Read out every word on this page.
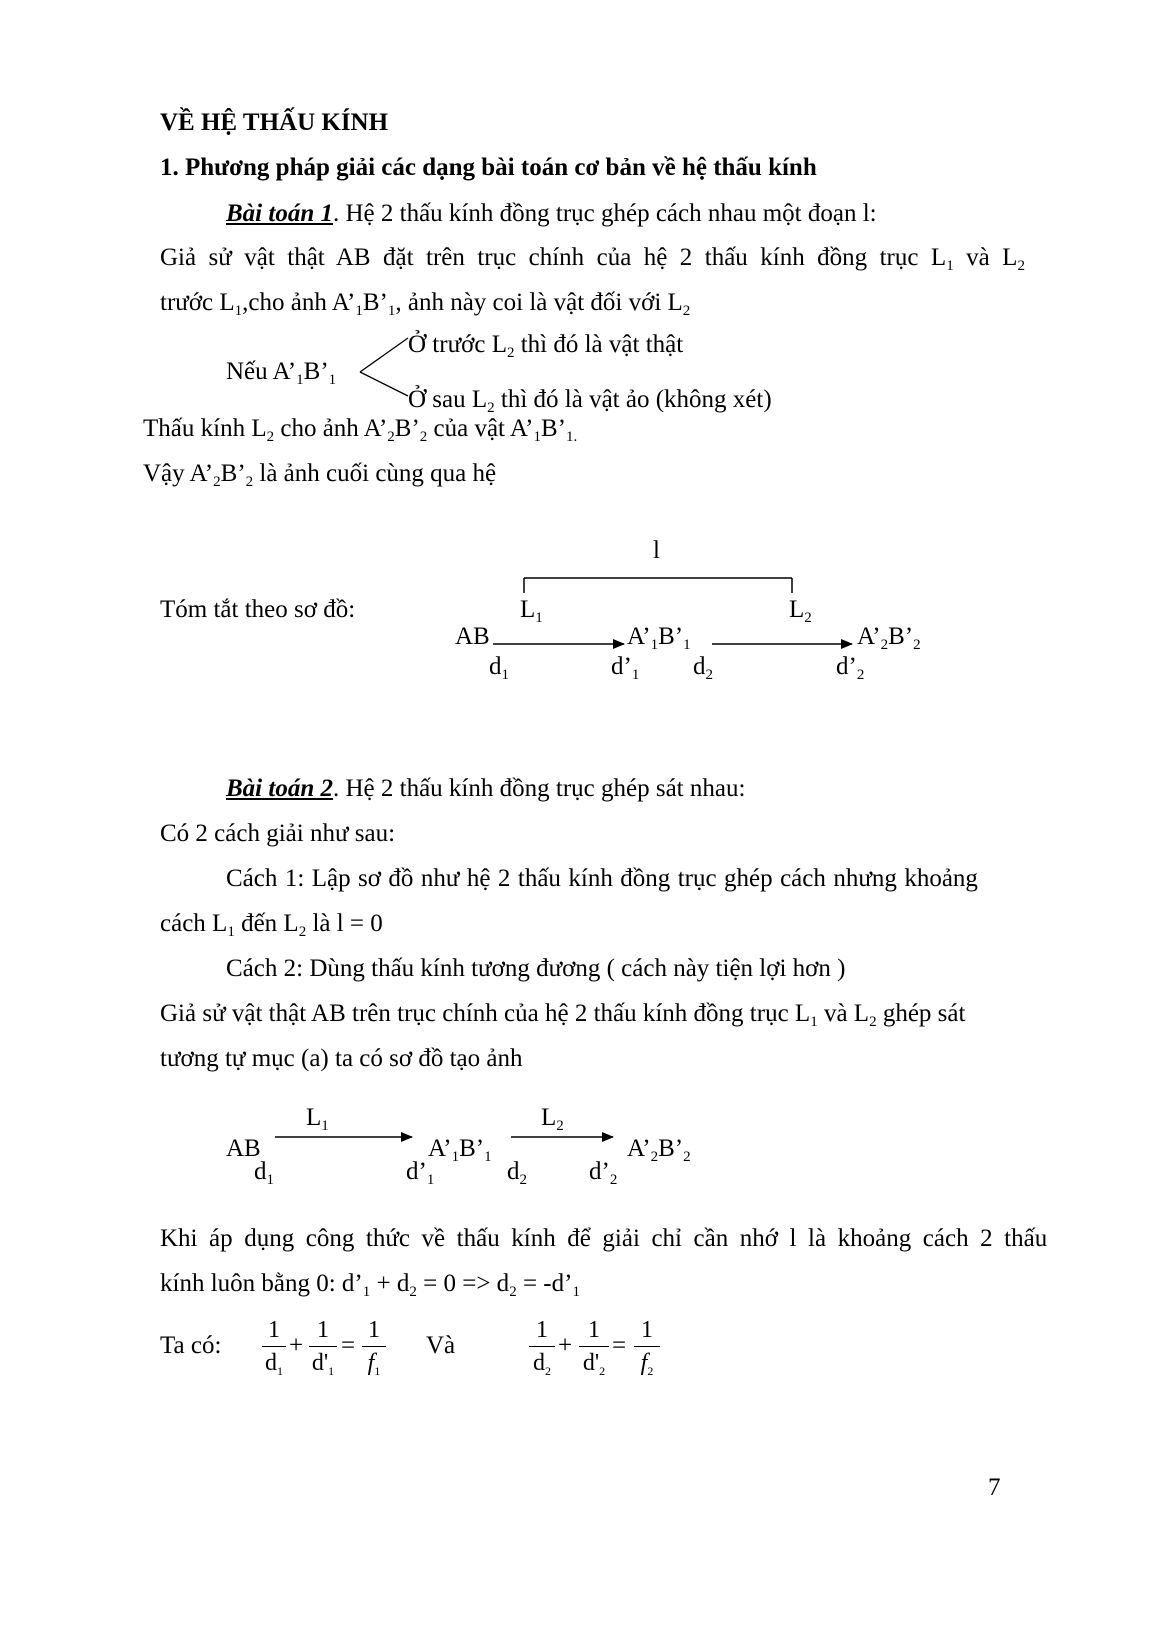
VỀ HỆ THẤU KÍNH
1. Phương pháp giải các dạng bài toán cơ bản về hệ thấu kính
Bài toán 1. Hệ 2 thấu kính đồng trục ghép cách nhau một đoạn l:
Giả sử vật thật AB đặt trên trục chính của hệ 2 thấu kính đồng trục $L_1$ và $L_2$
trước $L_1,cho$ ảnh $A’_1B’_1$, ảnh này coi là vật đối với $L_2$
Nếu $A’_1B’_1$
Ở trước $L_2$ thì đó là vật thật
Ở sau $L_2$ thì đó là vật ảo (không xét)
Thấu kính $L_2$ cho ảnh $A’_2B’_2$ của vật $A’_1B’_{1.}$
Vậy $A’_2B’_2$ là ảnh cuối cùng qua hệ
l
Tóm tắt theo sơ đồ:	$L_1$	$L_2$
AB	$A’_1B’_1$	$A’_2B’_2$
$d_1$	$d’_1$ $d_2$	$d’_2$
Bài toán 2. Hệ 2 thấu kính đồng trục ghép sát nhau:
Có 2 cách giải như sau:
Cách 1: Lập sơ đồ như hệ 2 thấu kính đồng trục ghép cách nhưng khoảng
cách $L_1$ đến $L_2$ là l = 0
Cách 2: Dùng thấu kính tương đương ( cách này tiện lợi hơn )
Giả sử vật thật AB trên trục chính của hệ 2 thấu kính đồng trục $L_1$ và $L_2$ ghép sát
tương tự mục (a) ta có sơ đồ tạo ảnh
$L_1$	$L_2$
AB	$A’_1B’_1$	$A’_2B’_2$
$d_1$	$d’_1$	$d_2$ $d’_2$
Khi áp dụng công thức về thấu kính để giải chỉ cần nhớ l là khoảng cách 2 thấu
kính luôn bằng 0: $d’_1 + d_2 = 0 => d_2$ = $-d’_1$
Ta có:	Và
1
$d_1$
+
1
$d'_1$
=
1
$f_1$
1
$d_2$
+
1
$d'_2$
=
1
$f_2$
7
